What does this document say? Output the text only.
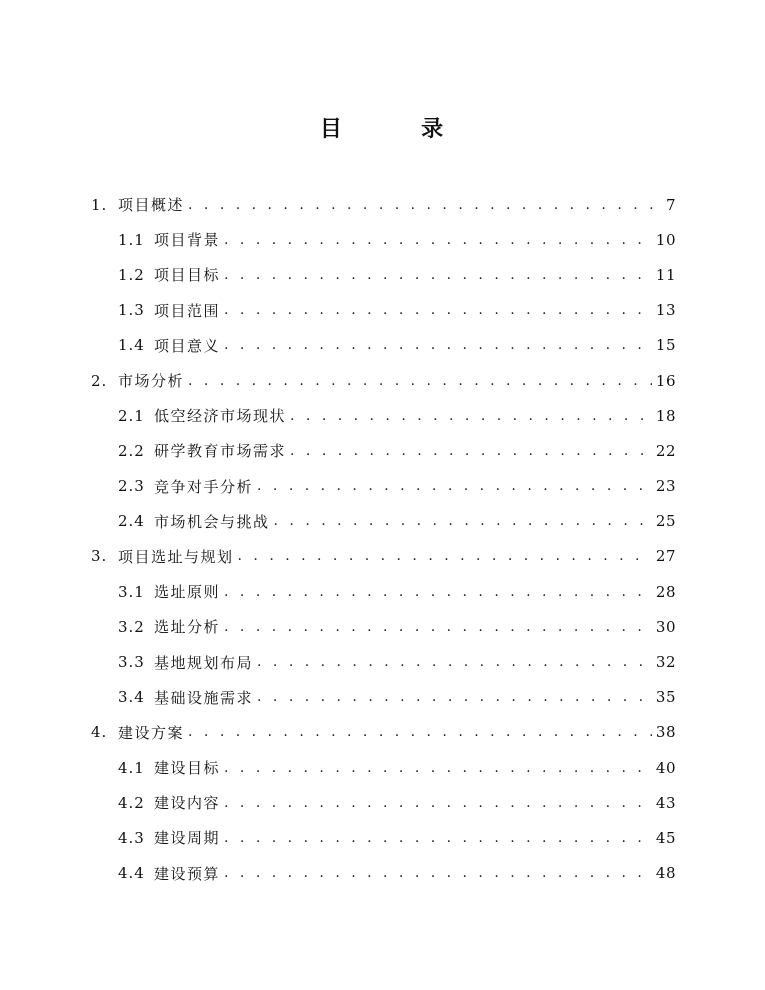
目        录
1. 项目概述 . . .	7
1.1 项目背景 . . .	10
1.2 项目目标 . . .	11
1.3 项目范围 . . .	13
1.4 项目意义 . . .	15
2. 市场分析 . . .	16
2.1 低空经济市场现状 . . .	18
2.2 研学教育市场需求 . . .	22
2.3 竞争对手分析 . . .	23
2.4 市场机会与挑战 . . .	25
3. 项目选址与规划 . . .	27
3.1 选址原则 . . .	28
3.2 选址分析 . . .	30
3.3 基地规划布局 . . .	32
3.4 基础设施需求 . . .	35
4. 建设方案 . . .	38
4.1 建设目标 . . .	40
4.2 建设内容 . . .	43
4.3 建设周期 . . .	45
4.4 建设预算 . . .	48
